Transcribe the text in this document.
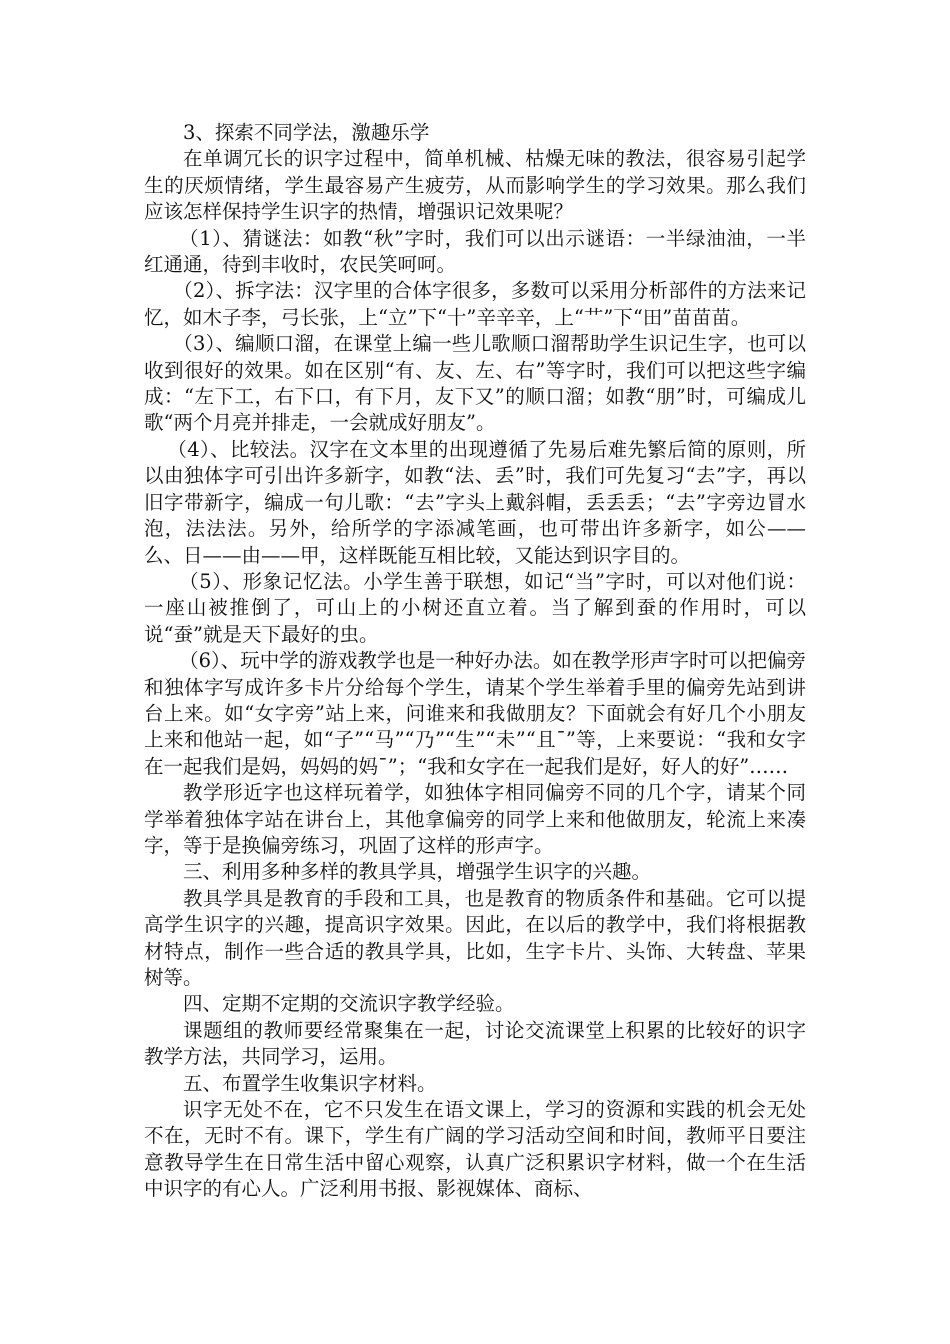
3、探索不同学法，激趣乐学

在单调冗长的识字过程中，简单机械、枯燥无味的教法，很容易引起学生的厌烦情绪，学生最容易产生疲劳，从而影响学生的学习效果。那么我们应该怎样保持学生识字的热情，增强识记效果呢？

（1）、猜谜法：如教“秋”字时，我们可以出示谜语：一半绿油油，一半红通通，待到丰收时，农民笑呵呵。

（2）、拆字法：汉字里的合体字很多，多数可以采用分析部件的方法来记忆，如木子李，弓长张，上“立”下“十”辛辛辛，上“艹”下“田”苗苗苗。

（3）、编顺口溜，在课堂上编一些儿歌顺口溜帮助学生识记生字，也可以收到很好的效果。如在区别“有、友、左、右”等字时，我们可以把这些字编成：“左下工，右下口，有下月，友下又”的顺口溜；如教“朋”时，可编成儿歌“两个月亮并排走，一会就成好朋友”。

（4）、比较法。汉字在文本里的出现遵循了先易后难先繁后简的原则，所以由独体字可引出许多新字，如教“法、丢”时，我们可先复习“去”字，再以旧字带新字，编成一句儿歌：“去”字头上戴斜帽，丢丢丢；“去”字旁边冒水泡，法法法。另外，给所学的字添减笔画，也可带出许多新字，如公——么、日——由——甲，这样既能互相比较，又能达到识字目的。

（5）、形象记忆法。小学生善于联想，如记“当”字时，可以对他们说：一座山被推倒了，可山上的小树还直立着。当了解到蚕的作用时，可以说“蚕”就是天下最好的虫。

（6）、玩中学的游戏教学也是一种好办法。如在教学形声字时可以把偏旁和独体字写成许多卡片分给每个学生，请某个学生举着手里的偏旁先站到讲台上来。如“女字旁”站上来，问谁来和我做朋友？下面就会有好几个小朋友上来和他站一起，如“子”“马”“乃”“生”“未”“且ˉ”等，上来要说：“我和女字在一起我们是妈，妈妈的妈ˉ”；“我和女字在一起我们是好，好人的好”……

教学形近字也这样玩着学，如独体字相同偏旁不同的几个字，请某个同学举着独体字站在讲台上，其他拿偏旁的同学上来和他做朋友，轮流上来凑字，等于是换偏旁练习，巩固了这样的形声字。

三、利用多种多样的教具学具，增强学生识字的兴趣。

教具学具是教育的手段和工具，也是教育的物质条件和基础。它可以提高学生识字的兴趣，提高识字效果。因此，在以后的教学中，我们将根据教材特点，制作一些合适的教具学具，比如，生字卡片、头饰、大转盘、苹果树等。

四、定期不定期的交流识字教学经验。

课题组的教师要经常聚集在一起，讨论交流课堂上积累的比较好的识字教学方法，共同学习，运用。

五、布置学生收集识字材料。

识字无处不在，它不只发生在语文课上，学习的资源和实践的机会无处不在，无时不有。课下，学生有广阔的学习活动空间和时间，教师平日要注意教导学生在日常生活中留心观察，认真广泛积累识字材料，做一个在生活中识字的有心人。广泛利用书报、影视媒体、商标、
